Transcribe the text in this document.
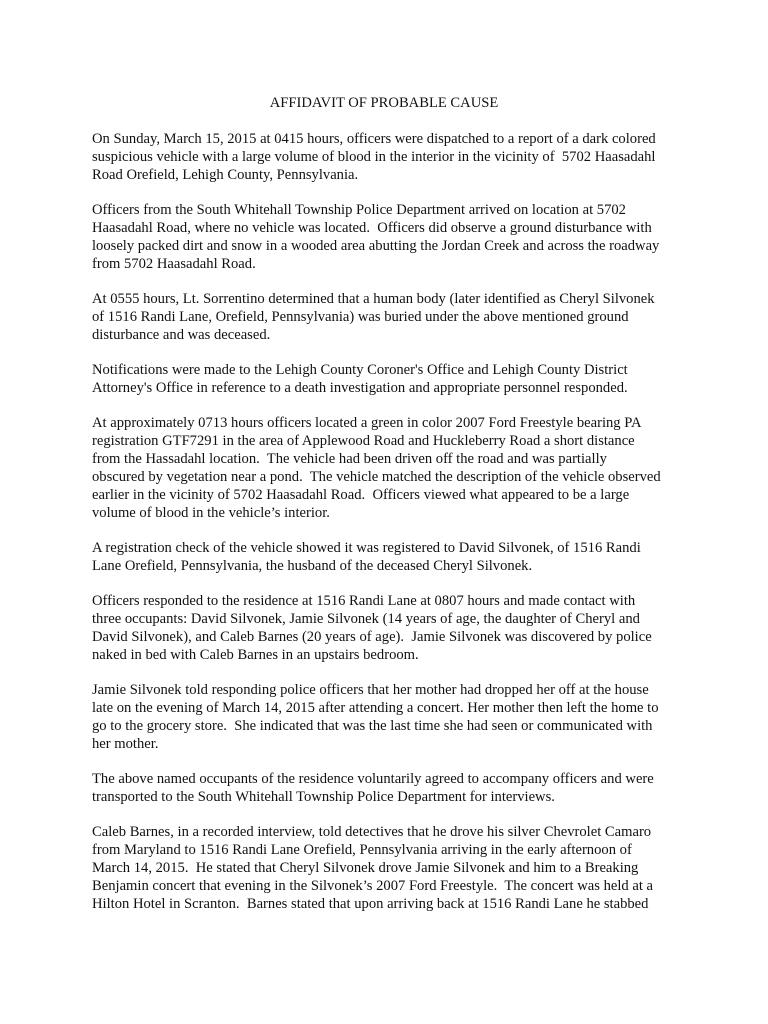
AFFIDAVIT OF PROBABLE CAUSE

On Sunday, March 15, 2015 at 0415 hours, officers were dispatched to a report of a dark colored
suspicious vehicle with a large volume of blood in the interior in the vicinity of  5702 Haasadahl
Road Orefield, Lehigh County, Pennsylvania.

Officers from the South Whitehall Township Police Department arrived on location at 5702
Haasadahl Road, where no vehicle was located.  Officers did observe a ground disturbance with
loosely packed dirt and snow in a wooded area abutting the Jordan Creek and across the roadway
from 5702 Haasadahl Road.

At 0555 hours, Lt. Sorrentino determined that a human body (later identified as Cheryl Silvonek
of 1516 Randi Lane, Orefield, Pennsylvania) was buried under the above mentioned ground
disturbance and was deceased.

Notifications were made to the Lehigh County Coroner's Office and Lehigh County District
Attorney's Office in reference to a death investigation and appropriate personnel responded.

At approximately 0713 hours officers located a green in color 2007 Ford Freestyle bearing PA
registration GTF7291 in the area of Applewood Road and Huckleberry Road a short distance
from the Hassadahl location.  The vehicle had been driven off the road and was partially
obscured by vegetation near a pond.  The vehicle matched the description of the vehicle observed
earlier in the vicinity of 5702 Haasadahl Road.  Officers viewed what appeared to be a large
volume of blood in the vehicle’s interior.

A registration check of the vehicle showed it was registered to David Silvonek, of 1516 Randi
Lane Orefield, Pennsylvania, the husband of the deceased Cheryl Silvonek.

Officers responded to the residence at 1516 Randi Lane at 0807 hours and made contact with
three occupants: David Silvonek, Jamie Silvonek (14 years of age, the daughter of Cheryl and
David Silvonek), and Caleb Barnes (20 years of age).  Jamie Silvonek was discovered by police
naked in bed with Caleb Barnes in an upstairs bedroom.

Jamie Silvonek told responding police officers that her mother had dropped her off at the house
late on the evening of March 14, 2015 after attending a concert. Her mother then left the home to
go to the grocery store.  She indicated that was the last time she had seen or communicated with
her mother.

The above named occupants of the residence voluntarily agreed to accompany officers and were
transported to the South Whitehall Township Police Department for interviews.

Caleb Barnes, in a recorded interview, told detectives that he drove his silver Chevrolet Camaro
from Maryland to 1516 Randi Lane Orefield, Pennsylvania arriving in the early afternoon of
March 14, 2015.  He stated that Cheryl Silvonek drove Jamie Silvonek and him to a Breaking
Benjamin concert that evening in the Silvonek’s 2007 Ford Freestyle.  The concert was held at a
Hilton Hotel in Scranton.  Barnes stated that upon arriving back at 1516 Randi Lane he stabbed
